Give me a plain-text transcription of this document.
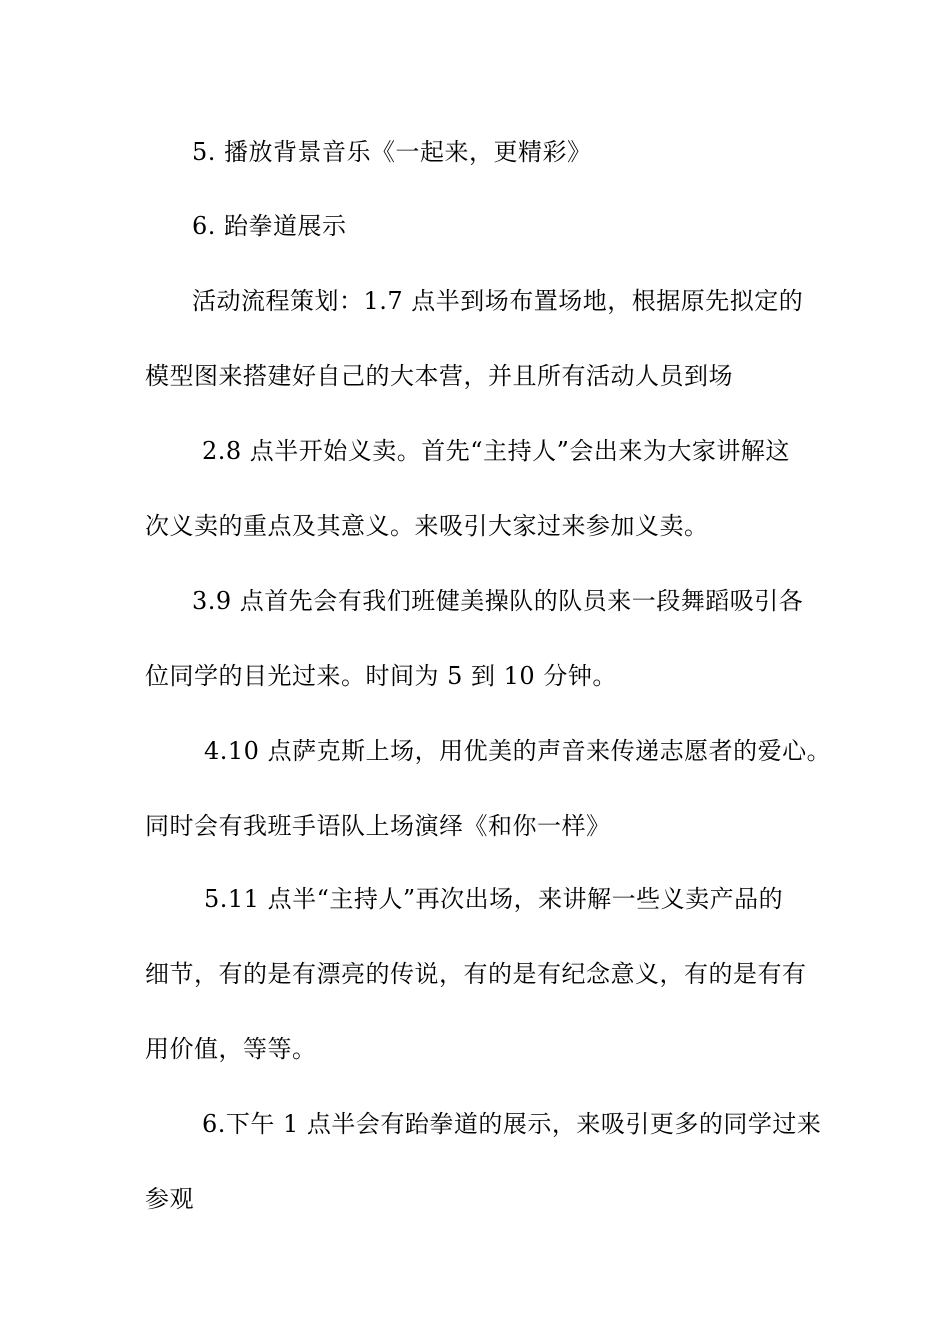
5. 播放背景音乐《一起来，更精彩》
6. 跆拳道展示
活动流程策划：1.7 点半到场布置场地，根据原先拟定的
模型图来搭建好自己的大本营，并且所有活动人员到场
2.8 点半开始义卖。首先“主持人”会出来为大家讲解这
次义卖的重点及其意义。来吸引大家过来参加义卖。
3.9 点首先会有我们班健美操队的队员来一段舞蹈吸引各
位同学的目光过来。时间为 5 到 10 分钟。
4.10 点萨克斯上场，用优美的声音来传递志愿者的爱心。
同时会有我班手语队上场演绎《和你一样》
5.11 点半“主持人”再次出场，来讲解一些义卖产品的
细节，有的是有漂亮的传说，有的是有纪念意义，有的是有有
用价值，等等。
6.下午 1 点半会有跆拳道的展示，来吸引更多的同学过来
参观
